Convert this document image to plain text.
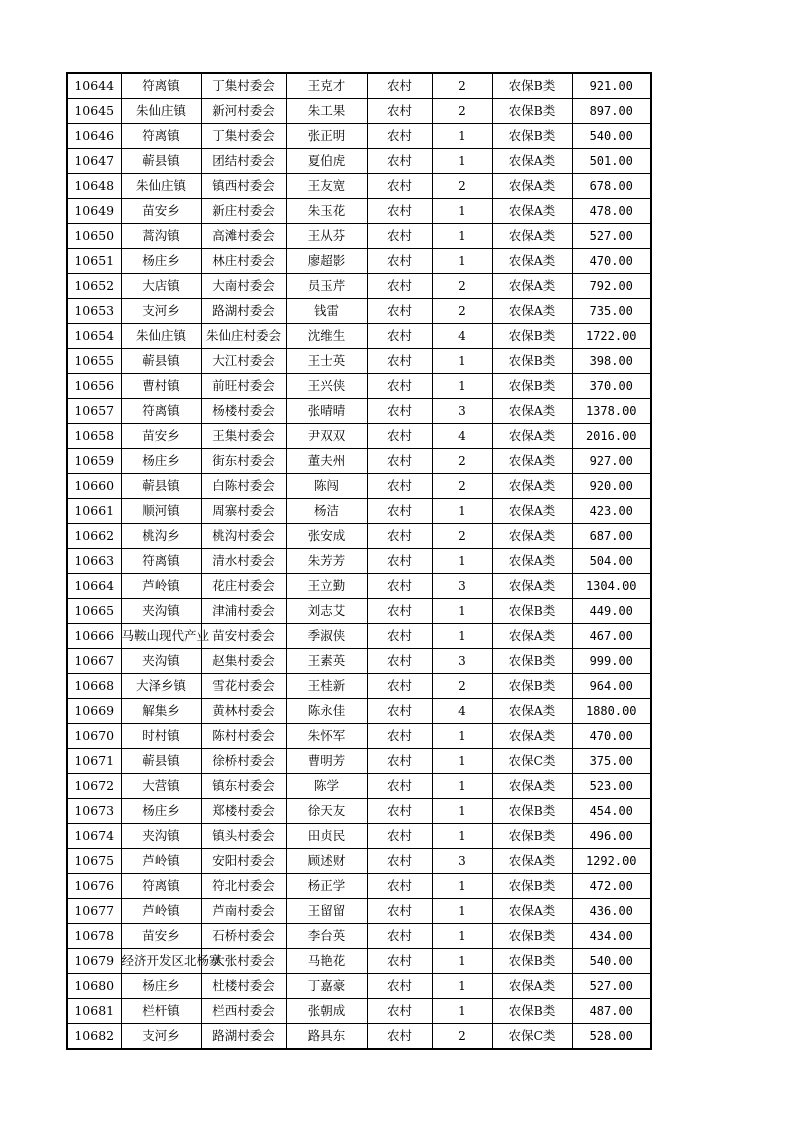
10644	符离镇	丁集村委会	王克才	农村	2	农保B类	921.00
10645	朱仙庄镇	新河村委会	朱工果	农村	2	农保B类	897.00
10646	符离镇	丁集村委会	张正明	农村	1	农保B类	540.00
10647	蕲县镇	团结村委会	夏伯虎	农村	1	农保A类	501.00
10648	朱仙庄镇	镇西村委会	王友宽	农村	2	农保A类	678.00
10649	苗安乡	新庄村委会	朱玉花	农村	1	农保A类	478.00
10650	蒿沟镇	高滩村委会	王从芬	农村	1	农保A类	527.00
10651	杨庄乡	林庄村委会	廖超影	农村	1	农保A类	470.00
10652	大店镇	大南村委会	员玉芹	农村	2	农保A类	792.00
10653	支河乡	路湖村委会	钱雷	农村	2	农保A类	735.00
10654	朱仙庄镇	朱仙庄村委会	沈维生	农村	4	农保B类	1722.00
10655	蕲县镇	大江村委会	王士英	农村	1	农保B类	398.00
10656	曹村镇	前旺村委会	王兴侠	农村	1	农保B类	370.00
10657	符离镇	杨楼村委会	张晴晴	农村	3	农保A类	1378.00
10658	苗安乡	王集村委会	尹双双	农村	4	农保A类	2016.00
10659	杨庄乡	街东村委会	董夫州	农村	2	农保A类	927.00
10660	蕲县镇	白陈村委会	陈闯	农村	2	农保A类	920.00
10661	顺河镇	周寨村委会	杨洁	农村	1	农保A类	423.00
10662	桃沟乡	桃沟村委会	张安成	农村	2	农保A类	687.00
10663	符离镇	清水村委会	朱芳芳	农村	1	农保A类	504.00
10664	芦岭镇	花庄村委会	王立勤	农村	3	农保A类	1304.00
10665	夹沟镇	津浦村委会	刘志艾	农村	1	农保B类	449.00
10666	马鞍山现代产业	苗安村委会	季淑侠	农村	1	农保A类	467.00
10667	夹沟镇	赵集村委会	王素英	农村	3	农保B类	999.00
10668	大泽乡镇	雪花村委会	王桂新	农村	2	农保B类	964.00
10669	解集乡	黄林村委会	陈永佳	农村	4	农保A类	1880.00
10670	时村镇	陈村村委会	朱怀军	农村	1	农保A类	470.00
10671	蕲县镇	徐桥村委会	曹明芳	农村	1	农保C类	375.00
10672	大营镇	镇东村委会	陈学	农村	1	农保A类	523.00
10673	杨庄乡	郑楼村委会	徐天友	农村	1	农保B类	454.00
10674	夹沟镇	镇头村委会	田贞民	农村	1	农保B类	496.00
10675	芦岭镇	安阳村委会	顾述财	农村	3	农保A类	1292.00
10676	符离镇	符北村委会	杨正学	农村	1	农保B类	472.00
10677	芦岭镇	芦南村委会	王留留	农村	1	农保A类	436.00
10678	苗安乡	石桥村委会	李台英	农村	1	农保B类	434.00
10679	经济开发区北杨寨	大张村委会	马艳花	农村	1	农保B类	540.00
10680	杨庄乡	杜楼村委会	丁嘉豪	农村	1	农保A类	527.00
10681	栏杆镇	栏西村委会	张朝成	农村	1	农保B类	487.00
10682	支河乡	路湖村委会	路具东	农村	2	农保C类	528.00
